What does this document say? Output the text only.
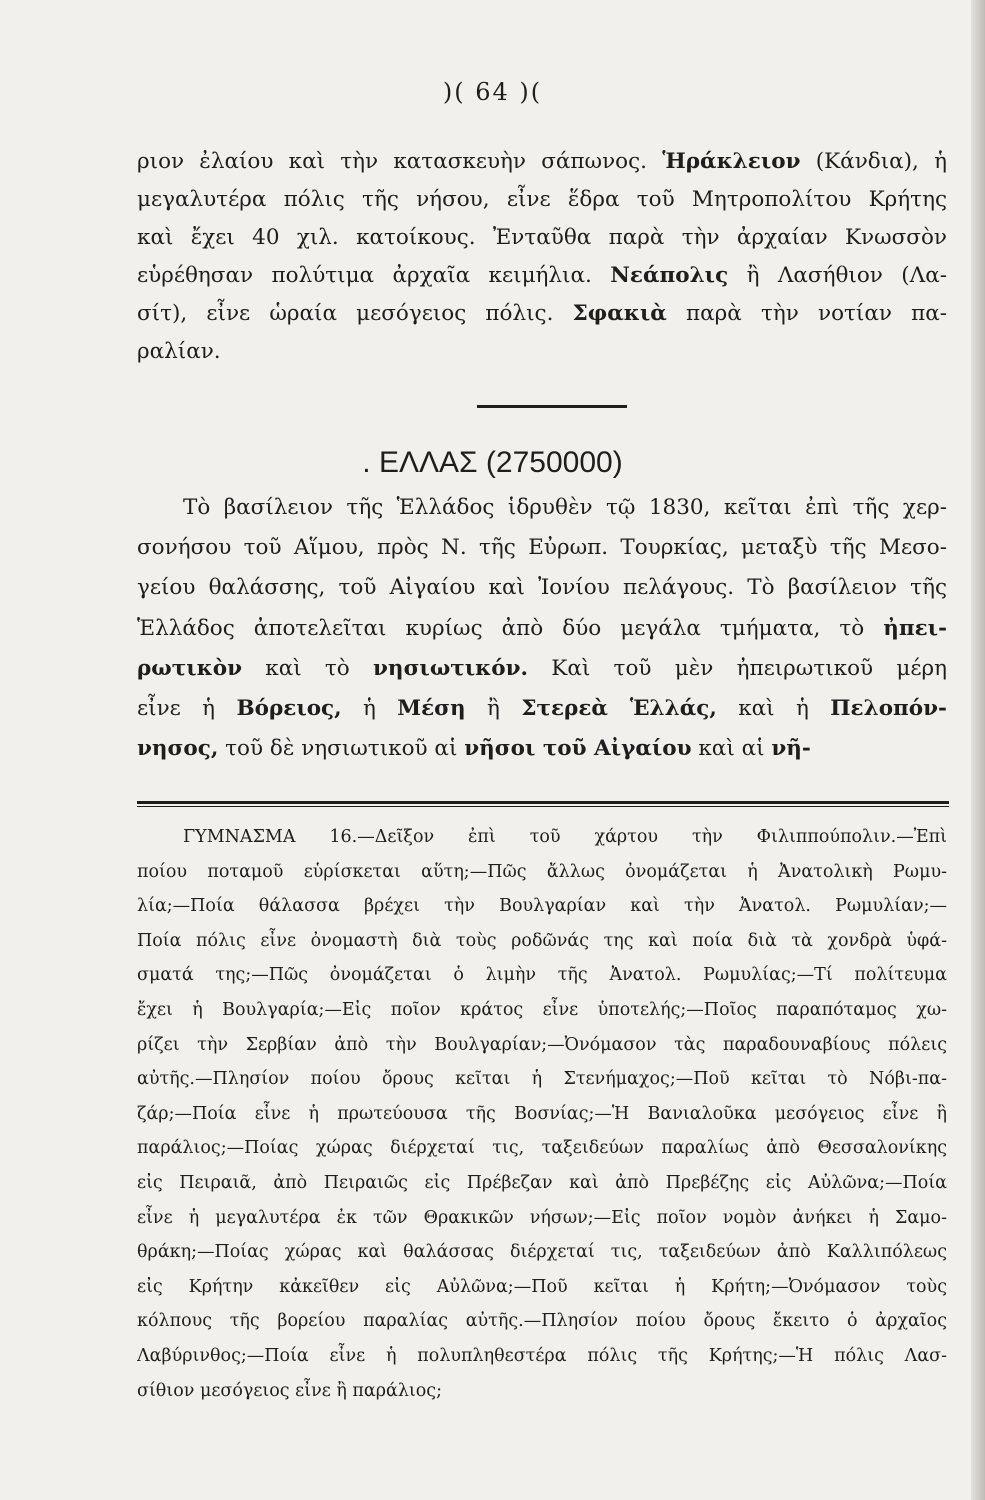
)( 64 )(
ριον ἐλαίου καὶ τὴν κατασκευὴν σάπωνος. Ἡράκλειον (Κάνδια), ἡ
μεγαλυτέρα πόλις τῆς νήσου, εἶνε ἕδρα τοῦ Μητροπολίτου Κρήτης
καὶ ἔχει 40 χιλ. κατοίκους. Ἐνταῦθα παρὰ τὴν ἀρχαίαν Κνωσσὸν
εὑρέθησαν πολύτιμα ἀρχαῖα κειμήλια. Νεάπολις ἢ Λασήθιον (Λα-
σίτ), εἶνε ὡραία μεσόγειος πόλις. Σφακιὰ παρὰ τὴν νοτίαν πα-
ραλίαν.
. ΕΛΛΑΣ (2750000)
Τὸ βασίλειον τῆς Ἑλλάδος ἱδρυθὲν τῷ 1830, κεῖται ἐπὶ τῆς χερ-
σονήσου τοῦ Αἵμου, πρὸς Ν. τῆς Εὐρωπ. Τουρκίας, μεταξὺ τῆς Μεσο-
γείου θαλάσσης, τοῦ Αἰγαίου καὶ Ἰονίου πελάγους. Τὸ βασίλειον τῆς
Ἑλλάδος ἀποτελεῖται κυρίως ἀπὸ δύο μεγάλα τμήματα, τὸ ἠπει-
ρωτικὸν καὶ τὸ νησιωτικόν. Καὶ τοῦ μὲν ἠπειρωτικοῦ μέρη
εἶνε ἡ Βόρειος, ἡ Μέση ἢ Στερεὰ Ἑλλάς, καὶ ἡ Πελοπόν-
νησος, τοῦ δὲ νησιωτικοῦ αἱ νῆσοι τοῦ Αἰγαίου καὶ αἱ νῆ-
ΓΥΜΝΑΣΜΑ 16.—Δεῖξον ἐπὶ τοῦ χάρτου τὴν Φιλιππούπολιν.—Ἐπὶ
ποίου ποταμοῦ εὑρίσκεται αὕτη;—Πῶς ἄλλως ὀνομάζεται ἡ Ἀνατολικὴ Ρωμυ-
λία;—Ποία θάλασσα βρέχει τὴν Βουλγαρίαν καὶ τὴν Ἀνατολ. Ρωμυλίαν;—
Ποία πόλις εἶνε ὀνομαστὴ διὰ τοὺς ροδῶνάς της καὶ ποία διὰ τὰ χονδρὰ ὑφά-
σματά της;—Πῶς ὀνομάζεται ὁ λιμὴν τῆς Ἀνατολ. Ρωμυλίας;—Τί πολίτευμα
ἔχει ἡ Βουλγαρία;—Εἰς ποῖον κράτος εἶνε ὑποτελής;—Ποῖος παραπόταμος χω-
ρίζει τὴν Σερβίαν ἀπὸ τὴν Βουλγαρίαν;—Ὀνόμασον τὰς παραδουναβίους πόλεις
αὐτῆς.—Πλησίον ποίου ὄρους κεῖται ἡ Στενήμαχος;—Ποῦ κεῖται τὸ Νόβι-πα-
ζάρ;—Ποία εἶνε ἡ πρωτεύουσα τῆς Βοσνίας;—Ἡ Βανιαλοῦκα μεσόγειος εἶνε ἢ
παράλιος;—Ποίας χώρας διέρχεταί τις, ταξειδεύων παραλίως ἀπὸ Θεσσαλονίκης
εἰς Πειραιᾶ, ἀπὸ Πειραιῶς εἰς Πρέβεζαν καὶ ἀπὸ Πρεβέζης εἰς Αὐλῶνα;—Ποία
εἶνε ἡ μεγαλυτέρα ἐκ τῶν Θρακικῶν νήσων;—Εἰς ποῖον νομὸν ἀνήκει ἡ Σαμο-
θράκη;—Ποίας χώρας καὶ θαλάσσας διέρχεταί τις, ταξειδεύων ἀπὸ Καλλιπόλεως
εἰς Κρήτην κἀκεῖθεν εἰς Αὐλῶνα;—Ποῦ κεῖται ἡ Κρήτη;—Ὀνόμασον τοὺς
κόλπους τῆς βορείου παραλίας αὐτῆς.—Πλησίον ποίου ὄρους ἔκειτο ὁ ἀρχαῖος
Λαβύρινθος;—Ποία εἶνε ἡ πολυπληθεστέρα πόλις τῆς Κρήτης;—Ἡ πόλις Λασ-
σίθιον μεσόγειος εἶνε ἢ παράλιος;
